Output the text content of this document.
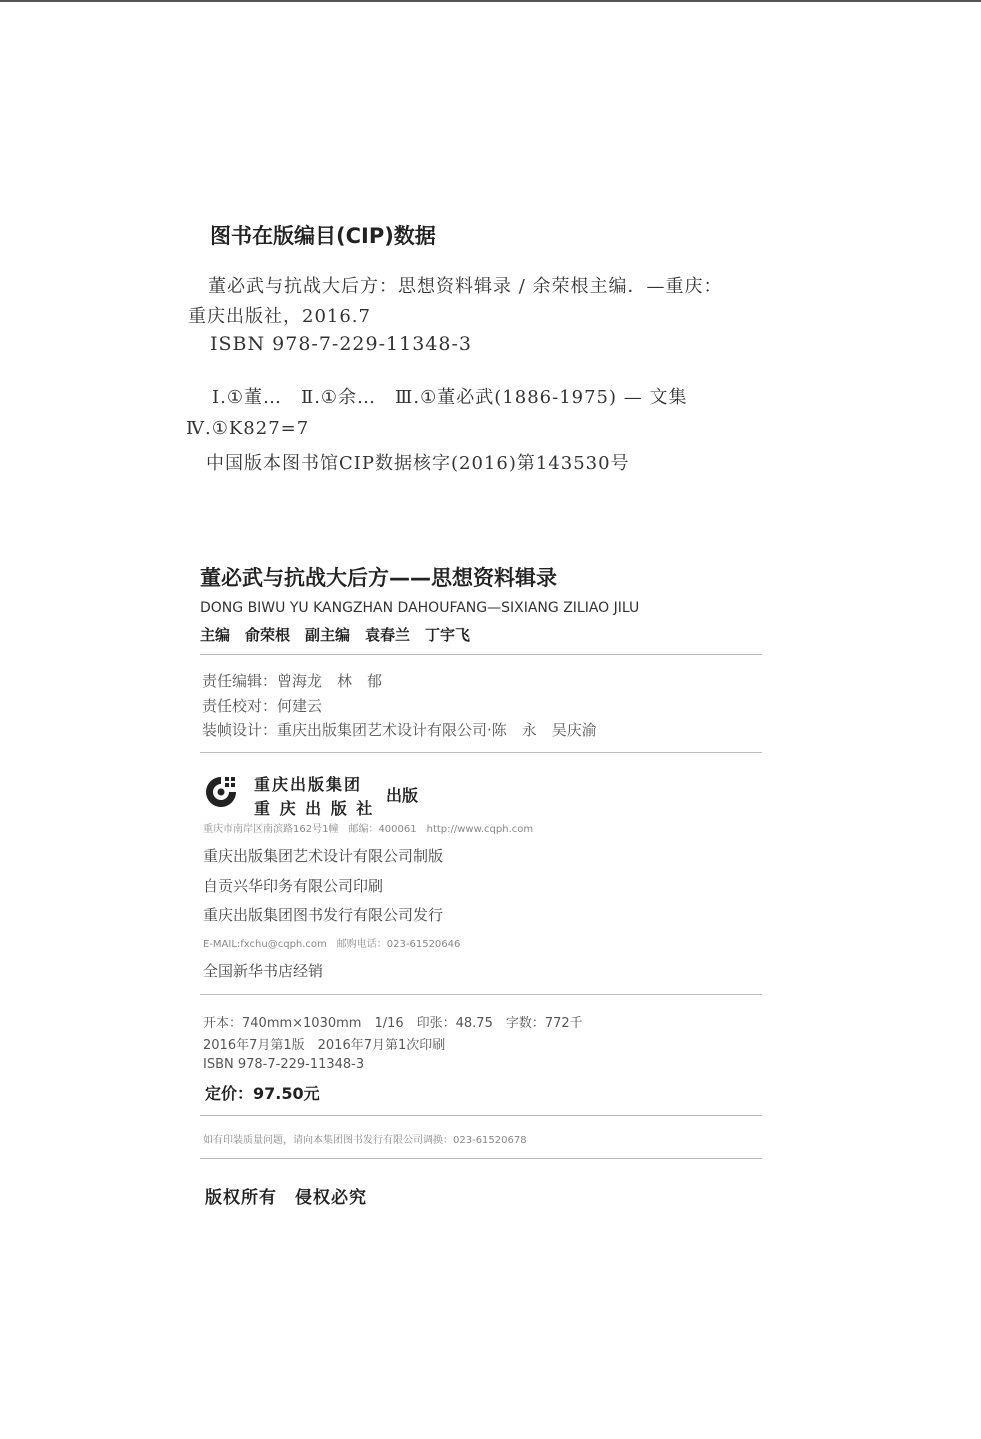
图书在版编目(CIP)数据
董必武与抗战大后方：思想资料辑录 / 余荣根主编．—重庆：
重庆出版社，2016.7
ISBN 978-7-229-11348-3
Ⅰ.①董…　Ⅱ.①余…　Ⅲ.①董必武(1886-1975) — 文集
Ⅳ.①K827=7
中国版本图书馆CIP数据核字(2016)第143530号
董必武与抗战大后方——思想资料辑录
DONG BIWU YU KANGZHAN DAHOUFANG—SIXIANG ZILIAO JILU
主编　俞荣根　副主编　袁春兰　丁宇飞
责任编辑：曾海龙　林　郁
责任校对：何建云
装帧设计：重庆出版集团艺术设计有限公司·陈　永　吴庆渝
重庆出版集团
重 庆 出 版 社
出版
重庆市南岸区南滨路162号1幢　邮编：400061　http://www.cqph.com
重庆出版集团艺术设计有限公司制版
自贡兴华印务有限公司印刷
重庆出版集团图书发行有限公司发行
E-MAIL:fxchu@cqph.com　邮购电话：023-61520646
全国新华书店经销
开本：740mm×1030mm　1/16　印张：48.75　字数：772千
2016年7月第1版　2016年7月第1次印刷
ISBN 978-7-229-11348-3
定价：97.50元
如有印装质量问题，请向本集团图书发行有限公司调换：023-61520678
版权所有　侵权必究
